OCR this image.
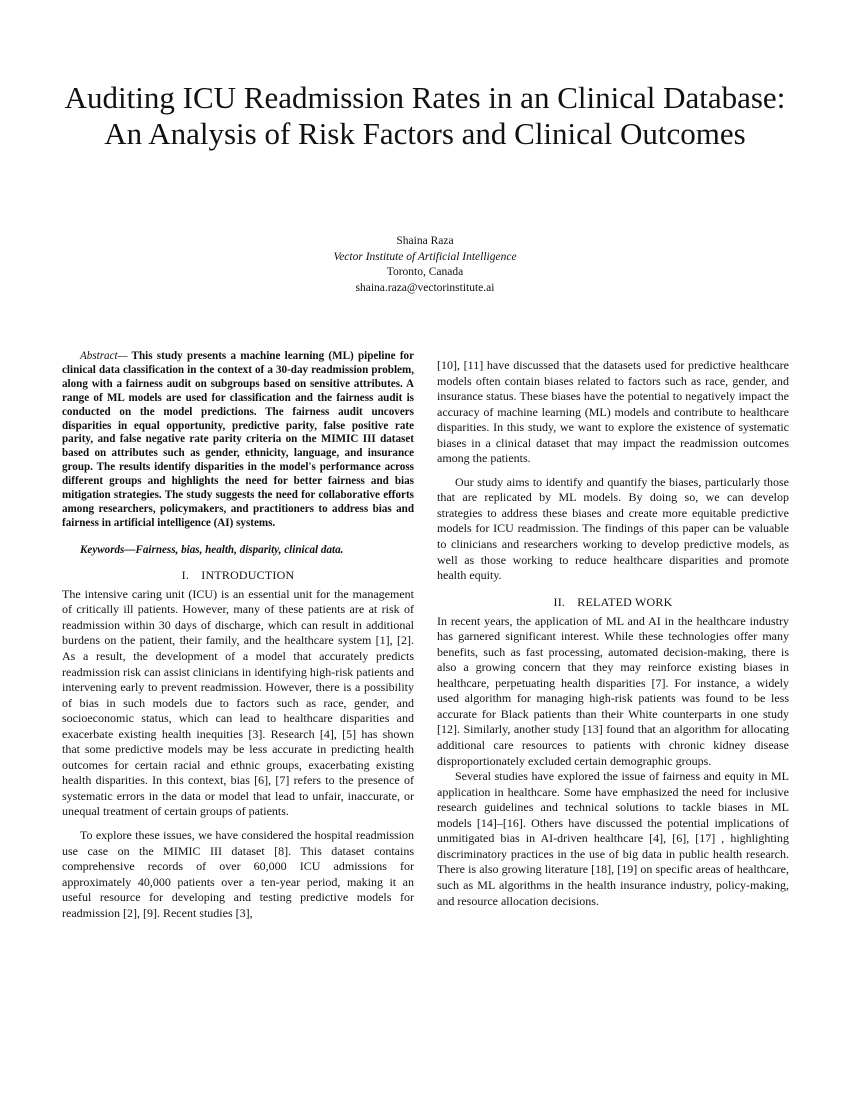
Auditing ICU Readmission Rates in an Clinical Database: An Analysis of Risk Factors and Clinical Outcomes
Shaina Raza
Vector Institute of Artificial Intelligence
Toronto, Canada
shaina.raza@vectorinstitute.ai

Abstract— This study presents a machine learning (ML) pipeline for clinical data classification in the context of a 30-day readmission problem, along with a fairness audit on subgroups based on sensitive attributes. A range of ML models are used for classification and the fairness audit is conducted on the model predictions. The fairness audit uncovers disparities in equal opportunity, predictive parity, false positive rate parity, and false negative rate parity criteria on the MIMIC III dataset based on attributes such as gender, ethnicity, language, and insurance group. The results identify disparities in the model's performance across different groups and highlights the need for better fairness and bias mitigation strategies. The study suggests the need for collaborative efforts among researchers, policymakers, and practitioners to address bias and fairness in artificial intelligence (AI) systems.

Keywords—Fairness, bias, health, disparity, clinical data.

I. INTRODUCTION

The intensive caring unit (ICU) is an essential unit for the management of critically ill patients. However, many of these patients are at risk of readmission within 30 days of discharge, which can result in additional burdens on the patient, their family, and the healthcare system [1], [2]. As a result, the development of a model that accurately predicts readmission risk can assist clinicians in identifying high-risk patients and intervening early to prevent readmission. However, there is a possibility of bias in such models due to factors such as race, gender, and socioeconomic status, which can lead to healthcare disparities and exacerbate existing health inequities [3]. Research [4], [5] has shown that some predictive models may be less accurate in predicting health outcomes for certain racial and ethnic groups, exacerbating existing health disparities. In this context, bias [6], [7] refers to the presence of systematic errors in the data or model that lead to unfair, inaccurate, or unequal treatment of certain groups of patients.

To explore these issues, we have considered the hospital readmission use case on the MIMIC III dataset [8]. This dataset contains comprehensive records of over 60,000 ICU admissions for approximately 40,000 patients over a ten-year period, making it an useful resource for developing and testing predictive models for readmission [2], [9]. Recent studies [3],

[10], [11] have discussed that the datasets used for predictive healthcare models often contain biases related to factors such as race, gender, and insurance status. These biases have the potential to negatively impact the accuracy of machine learning (ML) models and contribute to healthcare disparities. In this study, we want to explore the existence of systematic biases in a clinical dataset that may impact the readmission outcomes among the patients.

Our study aims to identify and quantify the biases, particularly those that are replicated by ML models. By doing so, we can develop strategies to address these biases and create more equitable predictive models for ICU readmission. The findings of this paper can be valuable to clinicians and researchers working to develop predictive models, as well as those working to reduce healthcare disparities and promote health equity.

II. RELATED WORK

In recent years, the application of ML and AI in the healthcare industry has garnered significant interest. While these technologies offer many benefits, such as fast processing, automated decision-making, there is also a growing concern that they may reinforce existing biases in healthcare, perpetuating health disparities [7]. For instance, a widely used algorithm for managing high-risk patients was found to be less accurate for Black patients than their White counterparts in one study [12]. Similarly, another study [13] found that an algorithm for allocating additional care resources to patients with chronic kidney disease disproportionately excluded certain demographic groups.

Several studies have explored the issue of fairness and equity in ML application in healthcare. Some have emphasized the need for inclusive research guidelines and technical solutions to tackle biases in ML models [14]–[16]. Others have discussed the potential implications of unmitigated bias in AI-driven healthcare [4], [6], [17] , highlighting discriminatory practices in the use of big data in public health research. There is also growing literature [18], [19] on specific areas of healthcare, such as ML algorithms in the health insurance industry, policy-making, and resource allocation decisions.
